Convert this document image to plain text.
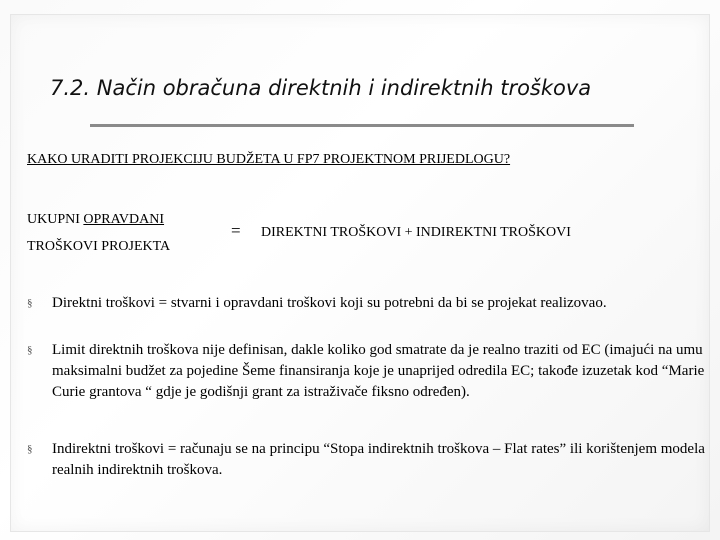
7.2. Način obračuna direktnih i indirektnih troškova
KAKO URADITI PROJEKCIJU BUDŽETA U FP7 PROJEKTNOM PRIJEDLOGU?
UKUPNI OPRAVDANI
TROŠKOVI PROJEKTA
= DIREKTNI TROŠKOVI + INDIREKTNI TROŠKOVI
§ Direktni troškovi = stvarni i opravdani troškovi koji su potrebni da bi se projekat realizovao.
§ Limit direktnih troškova nije definisan, dakle koliko god smatrate da je realno traziti od EC (imajući na umu maksimalni budžet za pojedine Šeme finansiranja koje je unaprijed odredila EC; takođe izuzetak kod “Marie Curie grantova “ gdje je godišnji grant za istraživače fiksno određen).
§ Indirektni troškovi = računaju se na principu “Stopa indirektnih troškova – Flat rates” ili korištenjem modela realnih indirektnih troškova.
